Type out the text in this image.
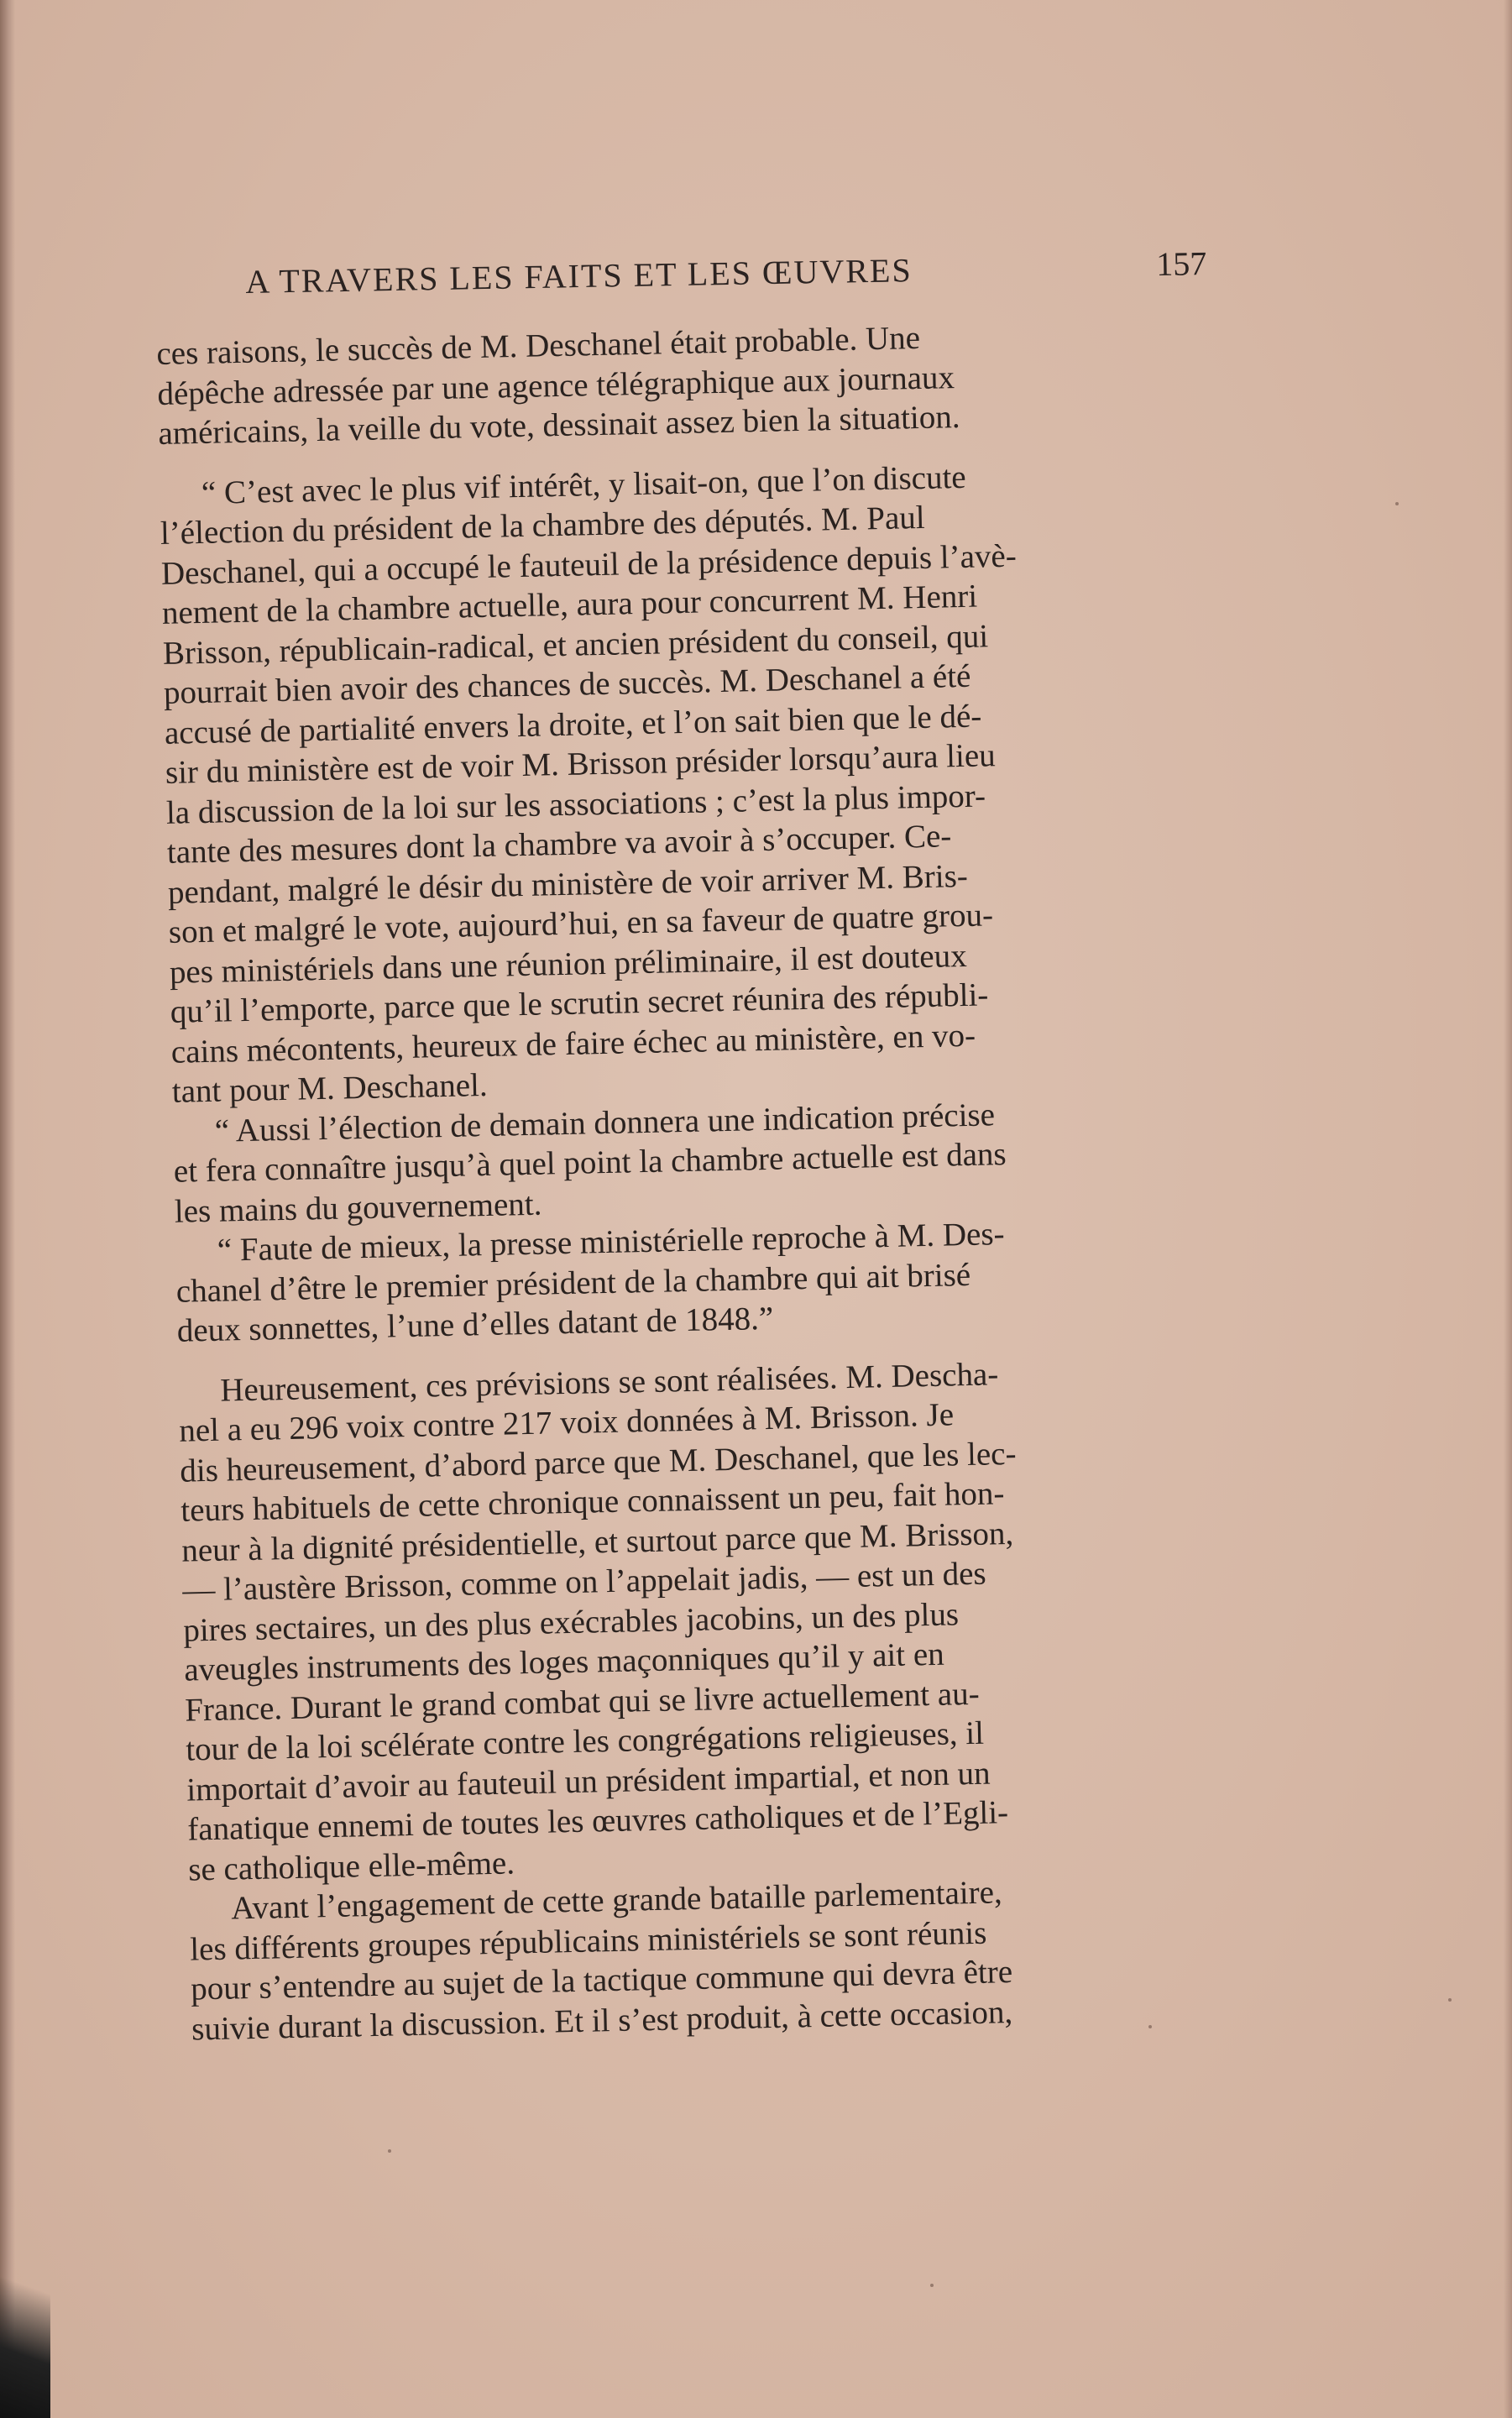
A TRAVERS LES FAITS ET LES ŒUVRES	157
ces raisons, le succès de M. Deschanel était probable. Une
dépêche adressée par une agence télégraphique aux journaux
américains, la veille du vote, dessinait assez bien la situation.
“ C’est avec le plus vif intérêt, y lisait-on, que l’on discute
l’élection du président de la chambre des députés. M. Paul
Deschanel, qui a occupé le fauteuil de la présidence depuis l’avè-
nement de la chambre actuelle, aura pour concurrent M. Henri
Brisson, républicain-radical, et ancien président du conseil, qui
pourrait bien avoir des chances de succès. M. Deschanel a été
accusé de partialité envers la droite, et l’on sait bien que le dé-
sir du ministère est de voir M. Brisson présider lorsqu’aura lieu
la discussion de la loi sur les associations ; c’est la plus impor-
tante des mesures dont la chambre va avoir à s’occuper. Ce-
pendant, malgré le désir du ministère de voir arriver M. Bris-
son et malgré le vote, aujourd’hui, en sa faveur de quatre grou-
pes ministériels dans une réunion préliminaire, il est douteux
qu’il l’emporte, parce que le scrutin secret réunira des républi-
cains mécontents, heureux de faire échec au ministère, en vo-
tant pour M. Deschanel.
“ Aussi l’élection de demain donnera une indication précise
et fera connaître jusqu’à quel point la chambre actuelle est dans
les mains du gouvernement.
“ Faute de mieux, la presse ministérielle reproche à M. Des-
chanel d’être le premier président de la chambre qui ait brisé
deux sonnettes, l’une d’elles datant de 1848.”
Heureusement, ces prévisions se sont réalisées. M. Descha-
nel a eu 296 voix contre 217 voix données à M. Brisson. Je
dis heureusement, d’abord parce que M. Deschanel, que les lec-
teurs habituels de cette chronique connaissent un peu, fait hon-
neur à la dignité présidentielle, et surtout parce que M. Brisson,
— l’austère Brisson, comme on l’appelait jadis, — est un des
pires sectaires, un des plus exécrables jacobins, un des plus
aveugles instruments des loges maçonniques qu’il y ait en
France. Durant le grand combat qui se livre actuellement au-
tour de la loi scélérate contre les congrégations religieuses, il
importait d’avoir au fauteuil un président impartial, et non un
fanatique ennemi de toutes les œuvres catholiques et de l’Egli-
se catholique elle-même.
Avant l’engagement de cette grande bataille parlementaire,
les différents groupes républicains ministériels se sont réunis
pour s’entendre au sujet de la tactique commune qui devra être
suivie durant la discussion. Et il s’est produit, à cette occasion,
